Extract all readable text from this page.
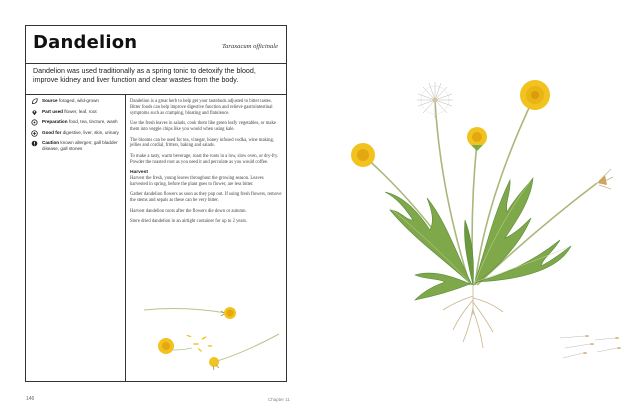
Dandelion	Taraxacum officinale
Dandelion was used traditionally as a spring tonic to detoxify the blood, improve kidney and liver function and clear wastes from the body.
Source foraged, wild-grown
Part used flower, leaf, root
Preparation food, tea, tincture, wash
Good for digestive, liver, skin, urinary
Caution known allergen; gall bladder disease, gall stones

Dandelion is a great herb to help get your tastebuds adjusted to bitter tastes. Bitter foods can help improve digestive function and relieve gastrointestinal symptoms such as cramping, bloating and flatulence.

Use the fresh leaves in salads, cook them like green leafy vegetables, or make them into veggie chips like you would when using kale.

The blooms can be used for tea, vinegar, honey infused vodka, wine making, jellies and cordial, fritters, baking and salads.

To make a tasty, warm beverage, roast the roots in a low, slow oven, or dry-fry. Powder the roasted root as you need it and percolate as you would coffee.

Harvest

Harvest the fresh, young leaves throughout the growing season. Leaves harvested in spring, before the plant goes to flower, are less bitter.

Gather dandelion flowers as soon as they pop out. If using fresh flowers, remove the stems and sepals as these can be very bitter.

Harvest dandelion roots after the flowers die down or autumn.

Store dried dandelion in an airtight container for up to 2 years.

146	Chapter 11
